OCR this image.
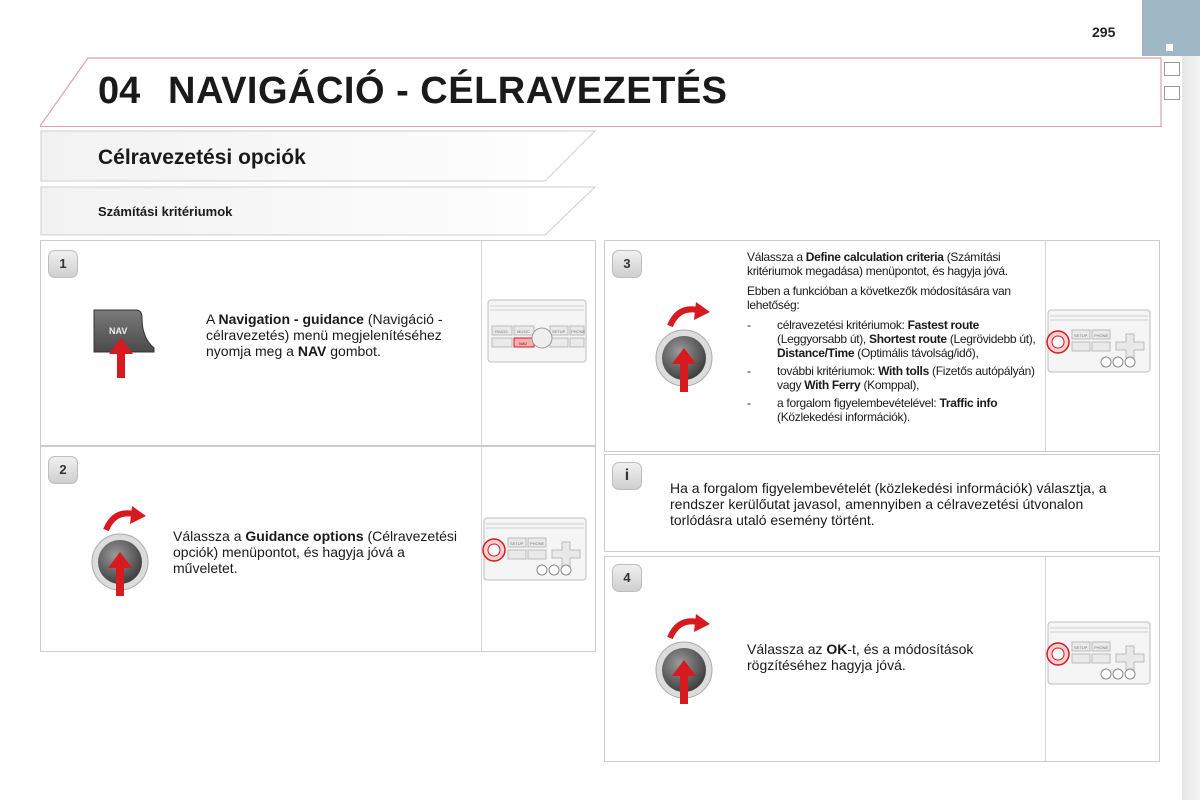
295
04 NAVIGÁCIÓ - CÉLRAVEZETÉS
Célravezetési opciók
Számítási kritériumok
1
NAV
A Navigation - guidance (Navigáció - célravezetés) menü megjelenítéséhez nyomja meg a NAV gombot.
RADIO MUSIC	SETUP PHONE
NAV
2
Válassza a Guidance options (Célravezetési opciók) menüpontot, és hagyja jóvá a műveletet.
SETUP PHONE
3	Válassza a Define calculation criteria (Számítási kritériumok megadása) menüpontot, és hagyja jóvá.

Ebben a funkcióban a következők módosítására van lehetőség:

- célravezetési kritériumok: Fastest route (Leggyorsabb út), Shortest route (Legrövidebb út), Distance/Time (Optimális távolság/idő),
- további kritériumok: With tolls (Fizetős autópályán) vagy With Ferry (Komppal),
- a forgalom figyelembevételével: Traffic info (Közlekedési információk).
SETUP PHONE
i
Ha a forgalom figyelembevételét (közlekedési információk) választja, a rendszer kerülőutat javasol, amennyiben a célravezetési útvonalon torlódásra utaló esemény történt.
4
Válassza az OK-t, és a módosítások rögzítéséhez hagyja jóvá.
SETUP PHONE
